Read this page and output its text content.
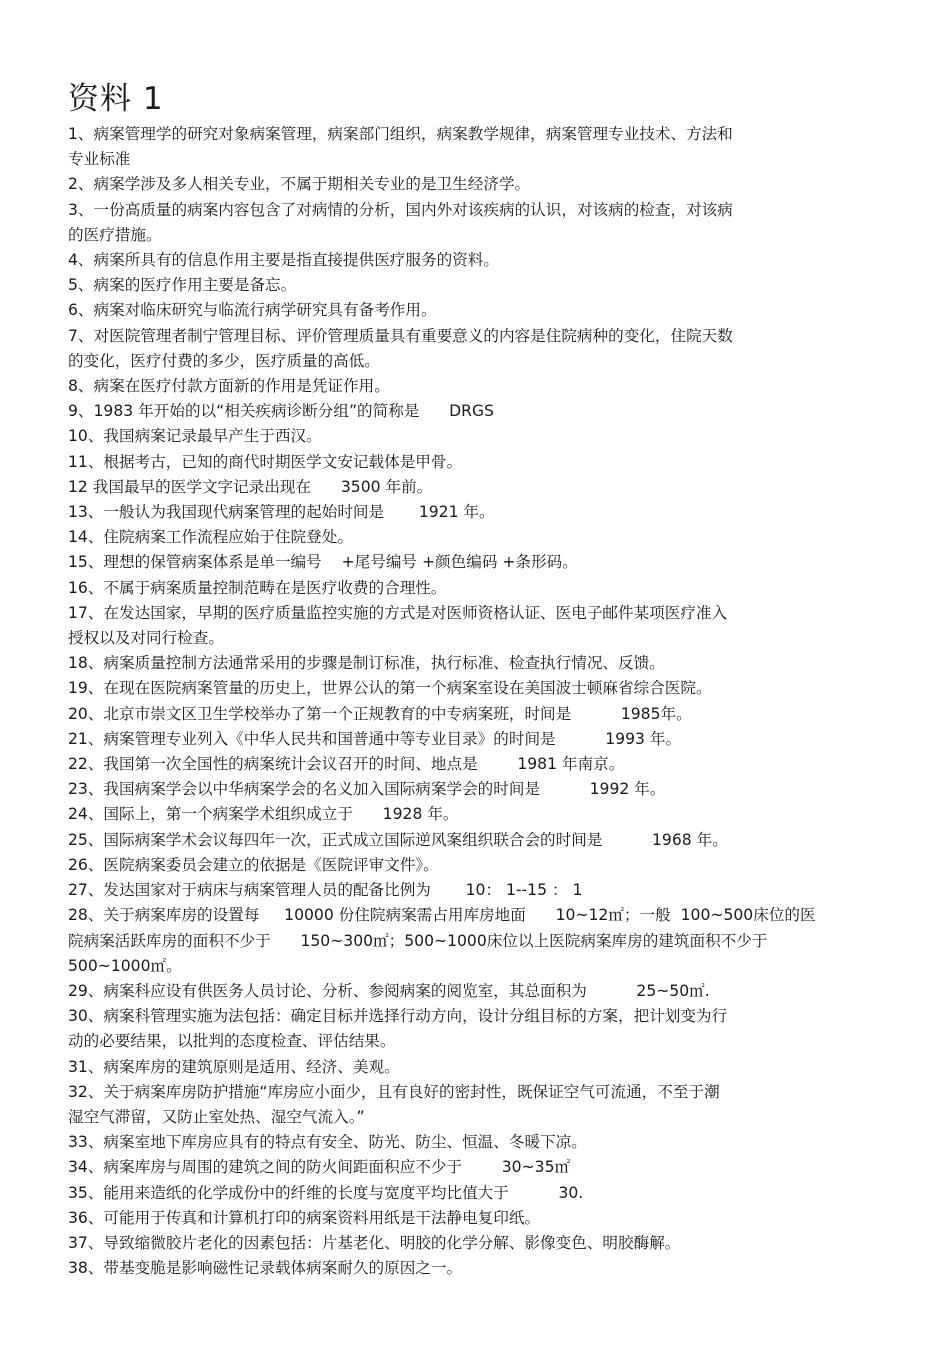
资料 1
1、病案管理学的研究对象病案管理，病案部门组织，病案教学规律，病案管理专业技术、方法和
专业标准
2、病案学涉及多人相关专业，不属于期相关专业的是卫生经济学。
3、一份高质量的病案内容包含了对病情的分析，国内外对该疾病的认识，对该病的检查，对该病
的医疗措施。
4、病案所具有的信息作用主要是指直接提供医疗服务的资料。
5、病案的医疗作用主要是备忘。
6、病案对临床研究与临流行病学研究具有备考作用。
7、对医院管理者制宁管理目标、评价管理质量具有重要意义的内容是住院病种的变化，住院天数
的变化，医疗付费的多少，医疗质量的高低。
8、病案在医疗付款方面新的作用是凭证作用。
9、1983 年开始的以“相关疾病诊断分组”的简称是      DRGS
10、我国病案记录最早产生于西汉。
11、根据考古，已知的商代时期医学文安记载体是甲骨。
12 我国最早的医学文字记录出现在      3500 年前。
13、一般认为我国现代病案管理的起始时间是       1921 年。
14、住院病案工作流程应始于住院登处。
15、理想的保管病案体系是单一编号    +尾号编号 +颜色编码 +条形码。
16、不属于病案质量控制范畴在是医疗收费的合理性。
17、在发达国家，早期的医疗质量监控实施的方式是对医师资格认证、医电子邮件某项医疗准入
授权以及对同行检查。
18、病案质量控制方法通常采用的步骤是制订标准，执行标准、检查执行情况、反馈。
19、在现在医院病案管量的历史上，世界公认的第一个病案室设在美国波士顿麻省综合医院。
20、北京市崇文区卫生学校举办了第一个正规教育的中专病案班，时间是          1985年。
21、病案管理专业列入《中华人民共和国普通中等专业目录》的时间是          1993 年。
22、我国第一次全国性的病案统计会议召开的时间、地点是        1981 年南京。
23、我国病案学会以中华病案学会的名义加入国际病案学会的时间是          1992 年。
24、国际上，第一个病案学术组织成立于      1928 年。
25、国际病案学术会议每四年一次，正式成立国际逆风案组织联合会的时间是          1968 年。
26、医院病案委员会建立的依据是《医院评审文件》。
27、发达国家对于病床与病案管理人员的配备比例为       10： 1--15 ： 1
28、关于病案库房的设置每     10000 份住院病案需占用库房地面      10~12㎡；一般  100~500床位的医
院病案活跃库房的面积不少于      150~300㎡；500~1000床位以上医院病案库房的建筑面积不少于
500~1000㎡。
29、病案科应设有供医务人员讨论、分析、参阅病案的阅览室，其总面积为          25~50㎡.
30、病案科管理实施为法包括：确定目标并选择行动方向，设计分组目标的方案，把计划变为行
动的必要结果，以批判的态度检查、评估结果。
31、病案库房的建筑原则是适用、经济、美观。
32、关于病案库房防护措施“库房应小面少，且有良好的密封性，既保证空气可流通，不至于潮
湿空气滞留，又防止室处热、湿空气流入。”
33、病案室地下库房应具有的特点有安全、防光、防尘、恒温、冬暖下凉。
34、病案库房与周围的建筑之间的防火间距面积应不少于        30~35㎡
35、能用来造纸的化学成份中的纤维的长度与宽度平均比值大于          30.
36、可能用于传真和计算机打印的病案资料用纸是干法静电复印纸。
37、导致缩微胶片老化的因素包括：片基老化、明胶的化学分解、影像变色、明胶酶解。
38、带基变脆是影响磁性记录载体病案耐久的原因之一。
